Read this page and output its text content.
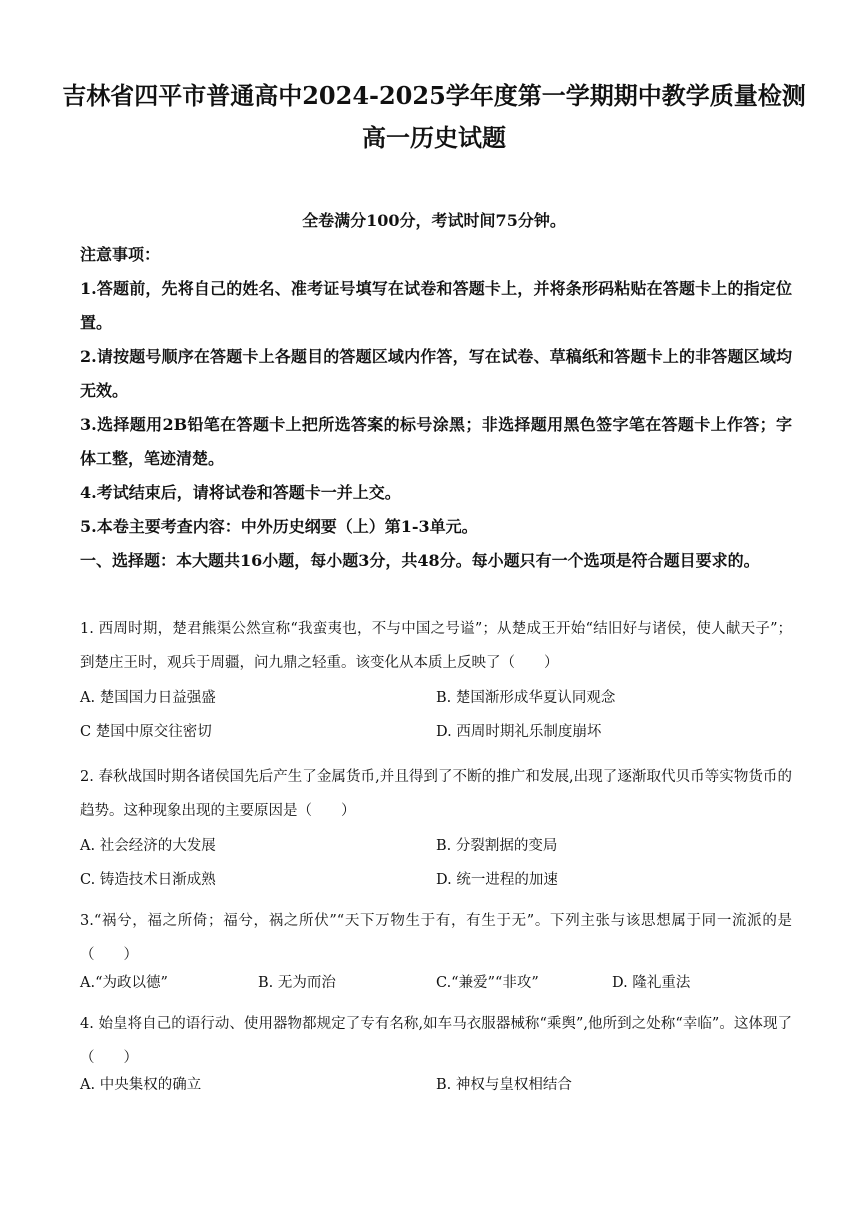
吉林省四平市普通高中2024-2025学年度第一学期期中教学质量检测
高一历史试题
全卷满分100分，考试时间75分钟。
注意事项：
1.答题前，先将自己的姓名、准考证号填写在试卷和答题卡上，并将条形码粘贴在答题卡上的指定位置。
2.请按题号顺序在答题卡上各题目的答题区域内作答，写在试卷、草稿纸和答题卡上的非答题区域均无效。
3.选择题用2B铅笔在答题卡上把所选答案的标号涂黑；非选择题用黑色签字笔在答题卡上作答；字体工整，笔迹清楚。
4.考试结束后，请将试卷和答题卡一并上交。
5.本卷主要考查内容：中外历史纲要（上）第1-3单元。
一、选择题：本大题共16小题，每小题3分，共48分。每小题只有一个选项是符合题目要求的。
1. 西周时期，楚君熊渠公然宣称“我蛮夷也，不与中国之号谥”；从楚成王开始“结旧好与诸侯，使人献天子”；到楚庄王时，观兵于周疆，问九鼎之轻重。该变化从本质上反映了（　　）
A. 楚国国力日益强盛	B. 楚国渐形成华夏认同观念
C 楚国中原交往密切	D. 西周时期礼乐制度崩坏
2. 春秋战国时期各诸侯国先后产生了金属货币,并且得到了不断的推广和发展,出现了逐渐取代贝币等实物货币的趋势。这种现象出现的主要原因是（　　）
A. 社会经济的大发展	B. 分裂割据的变局
C. 铸造技术日渐成熟	D. 统一进程的加速
3.“祸兮，福之所倚；福兮，祸之所伏”“天下万物生于有，有生于无”。下列主张与该思想属于同一流派的是（　　）
A.“为政以德”	B. 无为而治	C.“兼爱”“非攻”	D. 隆礼重法
4. 始皇将自己的语行动、使用器物都规定了专有名称,如车马衣服器械称“乘舆”,他所到之处称“幸临”。这体现了（　　）
A. 中央集权的确立	B. 神权与皇权相结合
